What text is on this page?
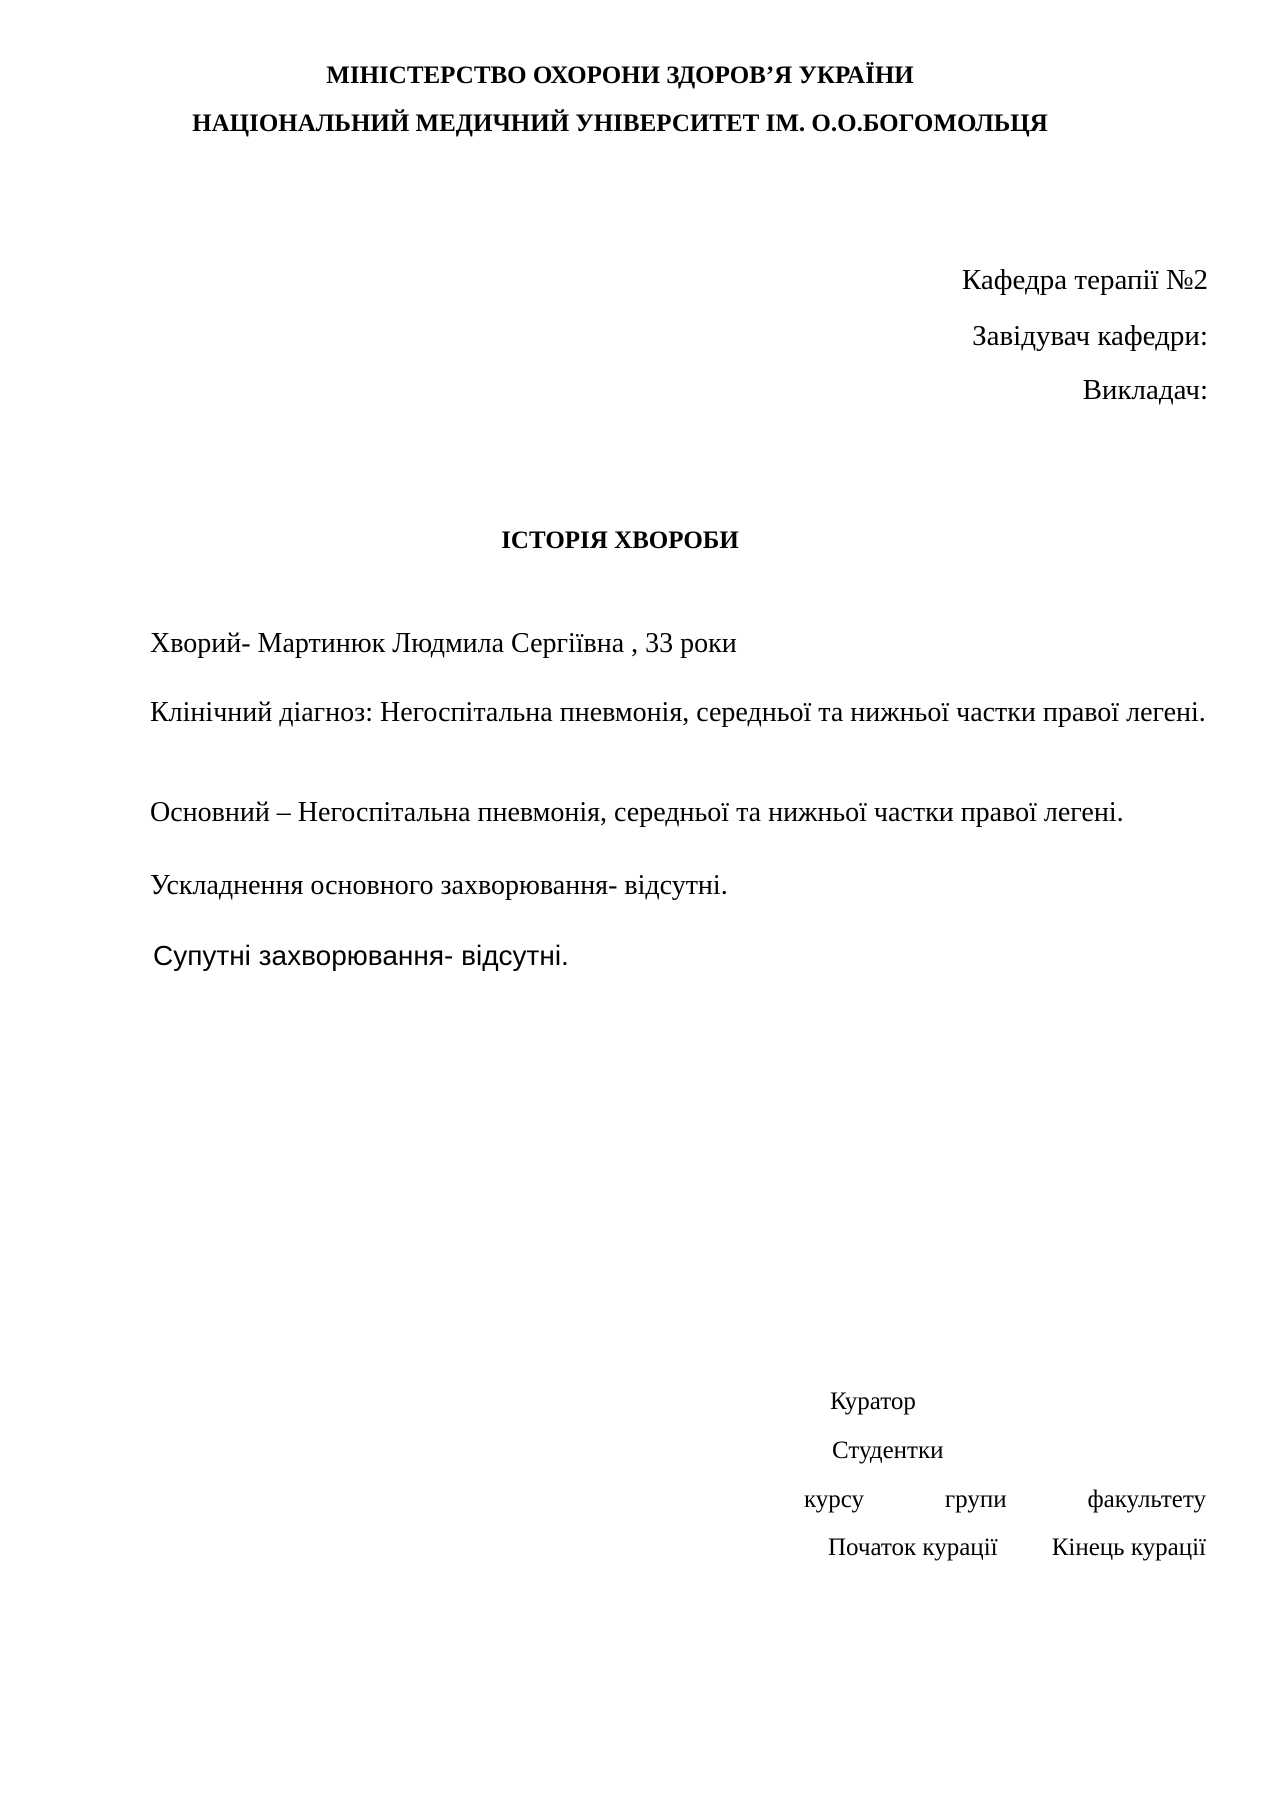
МІНІСТЕРСТВО ОХОРОНИ ЗДОРОВ’Я УКРАЇНИ
НАЦІОНАЛЬНИЙ МЕДИЧНИЙ УНІВЕРСИТЕТ ІМ. О.О.БОГОМОЛЬЦЯ
Кафедра терапії №2
Завідувач кафедри:
Викладач:
ІСТОРІЯ ХВОРОБИ
Хворий- Мартинюк Людмила Сергіївна , 33 роки
Клінічний діагноз: Негоспітальна пневмонія, середньої та нижньої частки правої легені.
Основний – Негоспітальна пневмонія, середньої та нижньої частки правої легені.
Ускладнення основного захворювання- відсутні.
Супутні захворювання- відсутні.
Куратор
Студентки
курсу	групи	факультету
Початок курації Кінець курації
